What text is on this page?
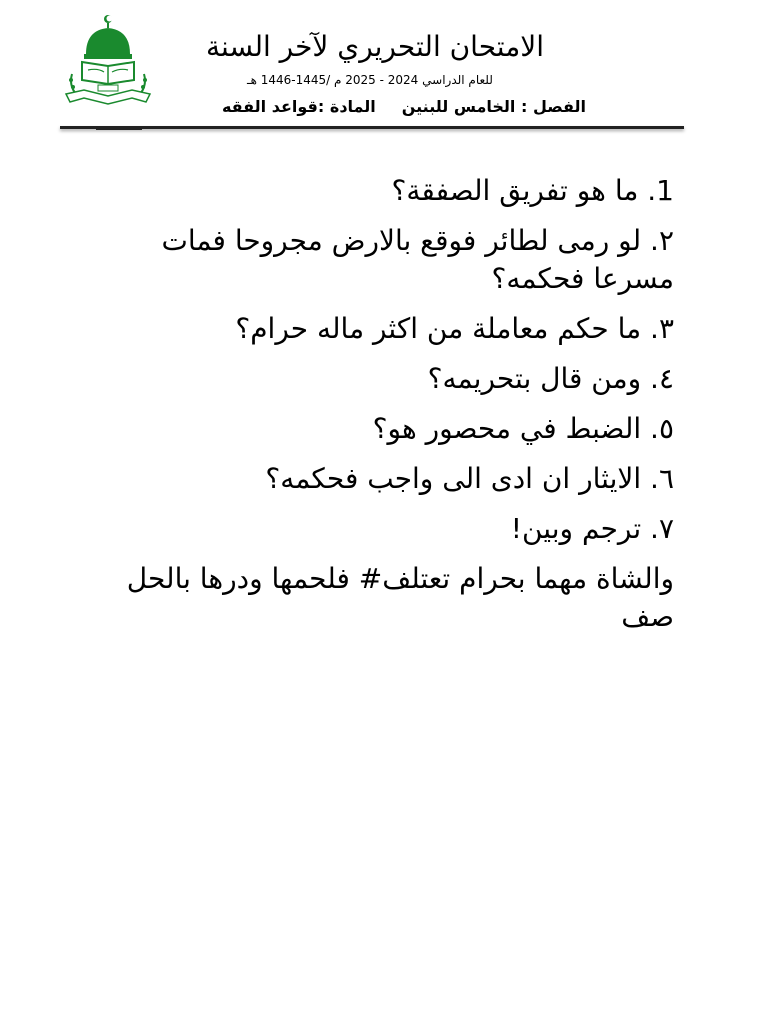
الامتحان التحريري لآخر السنة
للعام الدراسي 2024 - 2025 م /1445-1446 هـ
الفصل : الخامس للبنينالمادة :قواعد الفقه

1. ما هو تفريق الصفقة؟

٢. لو رمى لطائر فوقع بالارض مجروحا فمات مسرعا فحكمه؟

٣. ما حكم معاملة من اكثر ماله حرام؟

٤. ومن قال بتحريمه؟

٥. الضبط في محصور هو؟

٦. الايثار ان ادى الى واجب فحكمه؟

٧. ترجم وبين!

والشاة مهما بحرام تعتلف# فلحمها ودرها بالحل صف
